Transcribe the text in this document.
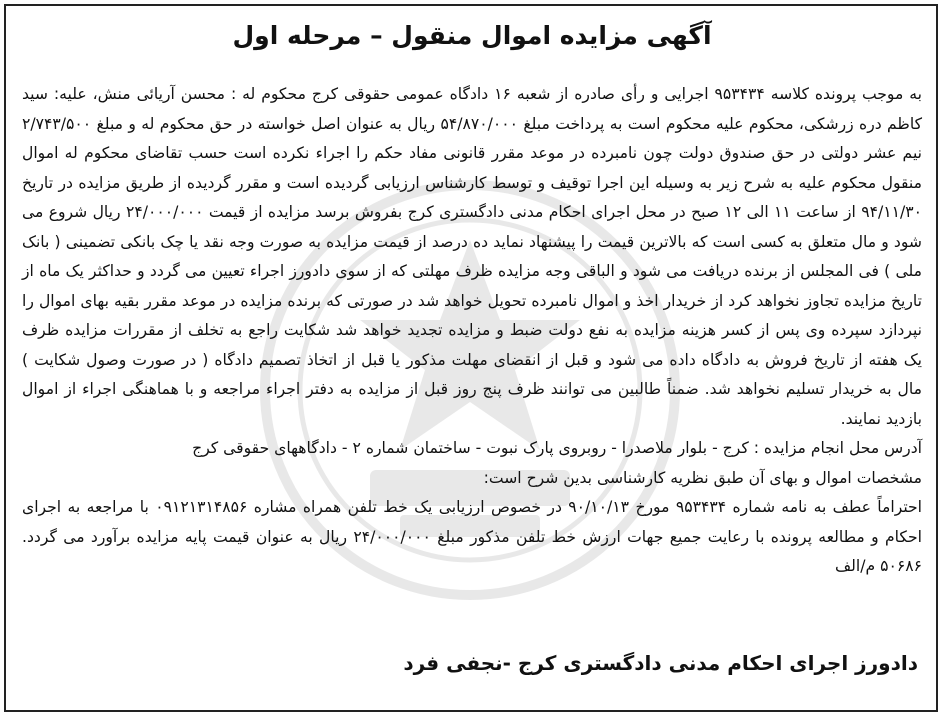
آگهی مزایده اموال منقول – مرحله اول

به موجب پرونده کلاسه ۹۵۳۴۳۴ اجرایی و رأی صادره از شعبه ۱۶ دادگاه عمومی حقوقی کرج محکوم له : محسن آریائی منش، علیه: سید کاظم دره زرشکی، محکوم علیه محکوم است به پرداخت مبلغ ۵۴/۸۷۰/۰۰۰ ریال به عنوان اصل خواسته در حق محکوم له و مبلغ ۲/۷۴۳/۵۰۰ نیم عشر دولتی در حق صندوق دولت چون نامبرده در موعد مقرر قانونی مفاد حکم را اجراء نکرده است حسب تقاضای محکوم له اموال منقول محکوم علیه به شرح زیر به وسیله این اجرا توقیف و توسط کارشناس ارزیابی گردیده است و مقرر گردیده از طریق مزایده در تاریخ ۹۴/۱۱/۳۰ از ساعت ۱۱ الی ۱۲ صبح در محل اجرای احکام مدنی دادگستری کرج بفروش برسد مزایده از قیمت ۲۴/۰۰۰/۰۰۰ ریال شروع می شود و مال متعلق به کسی است که بالاترین قیمت را پیشنهاد نماید ده درصد از قیمت مزایده به صورت وجه نقد یا چک بانکی تضمینی ( بانک ملی ) فی المجلس از برنده دریافت می شود و الباقی وجه مزایده ظرف مهلتی که از سوی دادورز اجراء تعیین می گردد و حداکثر یک ماه از تاریخ مزایده تجاوز نخواهد کرد از خریدار اخذ و اموال نامبرده تحویل خواهد شد در صورتی که برنده مزایده در موعد مقرر بقیه بهای اموال را نپردازد سپرده وی پس از کسر هزینه مزایده به نفع دولت ضبط و مزایده تجدید خواهد شد شکایت راجع به تخلف از مقررات مزایده ظرف یک هفته از تاریخ فروش به دادگاه داده می شود و قبل از انقضای مهلت مذکور یا قبل از اتخاذ تصمیم دادگاه ( در صورت وصول شکایت ) مال به خریدار تسلیم نخواهد شد. ضمناً طالبین می توانند ظرف پنج روز قبل از مزایده به دفتر اجراء مراجعه و با هماهنگی اجراء از اموال بازدید نمایند.

آدرس محل انجام مزایده : کرج - بلوار ملاصدرا - روبروی پارک نبوت - ساختمان شماره ۲ - دادگاههای حقوقی کرج

مشخصات اموال و بهای آن طبق نظریه کارشناسی بدین شرح است:

احتراماً عطف به نامه شماره ۹۵۳۴۳۴ مورخ ۹۰/۱۰/۱۳ در خصوص ارزیابی یک خط تلفن همراه مشاره ۰۹۱۲۱۳۱۴۸۵۶ با مراجعه به اجرای احکام و مطالعه پرونده با رعایت جمیع جهات ارزش خط تلفن مذکور مبلغ ۲۴/۰۰۰/۰۰۰ ریال به عنوان قیمت پایه مزایده برآورد می گردد. ۵۰۶۸۶ م/الف

دادورز اجرای احکام مدنی دادگستری کرج -نجفی فرد
